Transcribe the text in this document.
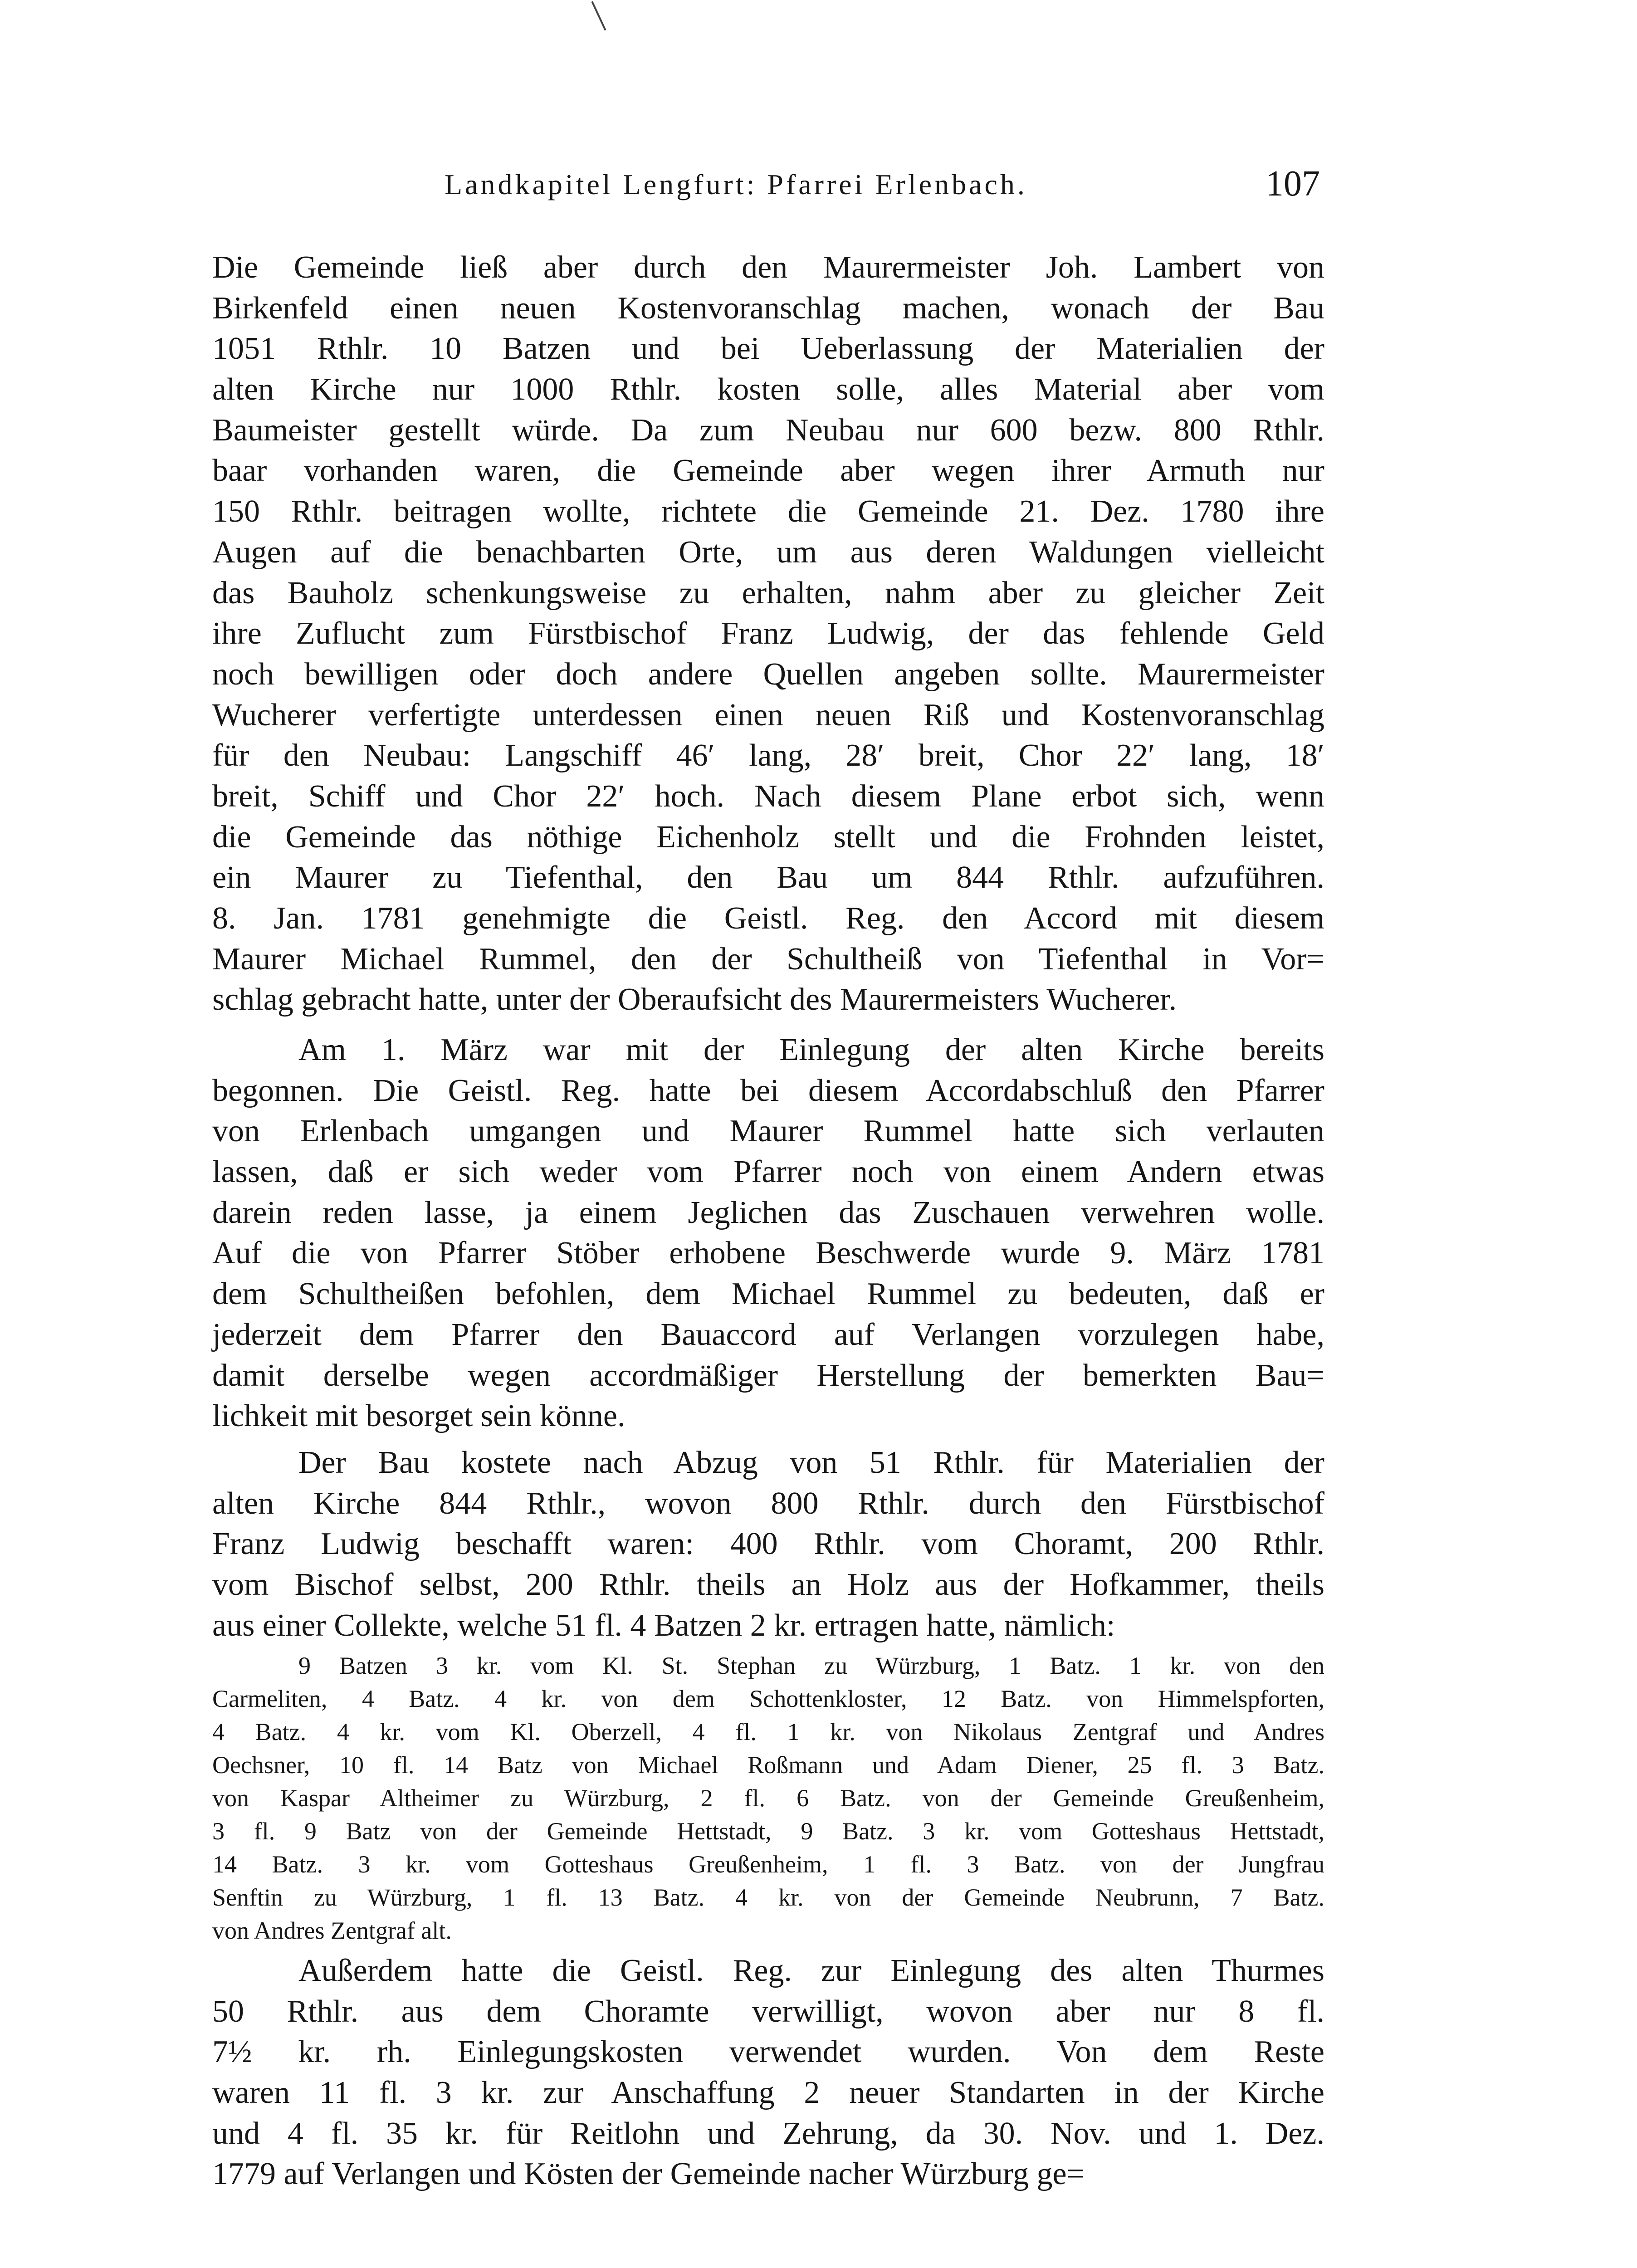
Landkapitel Lengfurt: Pfarrei Erlenbach.	107
Die Gemeinde ließ aber durch den Maurermeister Joh. Lambert von
Birkenfeld einen neuen Kostenvoranschlag machen, wonach der Bau
1051 Rthlr. 10 Batzen und bei Ueberlassung der Materialien der
alten Kirche nur 1000 Rthlr. kosten solle, alles Material aber vom
Baumeister gestellt würde. Da zum Neubau nur 600 bezw. 800 Rthlr.
baar vorhanden waren, die Gemeinde aber wegen ihrer Armuth nur
150 Rthlr. beitragen wollte, richtete die Gemeinde 21. Dez. 1780 ihre
Augen auf die benachbarten Orte, um aus deren Waldungen vielleicht
das Bauholz schenkungsweise zu erhalten, nahm aber zu gleicher Zeit
ihre Zuflucht zum Fürstbischof Franz Ludwig, der das fehlende Geld
noch bewilligen oder doch andere Quellen angeben sollte. Maurermeister
Wucherer verfertigte unterdessen einen neuen Riß und Kostenvoranschlag
für den Neubau: Langschiff 46′ lang, 28′ breit, Chor 22′ lang, 18′
breit, Schiff und Chor 22′ hoch. Nach diesem Plane erbot sich, wenn
die Gemeinde das nöthige Eichenholz stellt und die Frohnden leistet,
ein Maurer zu Tiefenthal, den Bau um 844 Rthlr. aufzuführen.
8. Jan. 1781 genehmigte die Geistl. Reg. den Accord mit diesem
Maurer Michael Rummel, den der Schultheiß von Tiefenthal in Vor=
schlag gebracht hatte, unter der Oberaufsicht des Maurermeisters Wucherer.
Am 1. März war mit der Einlegung der alten Kirche bereits
begonnen. Die Geistl. Reg. hatte bei diesem Accordabschluß den Pfarrer
von Erlenbach umgangen und Maurer Rummel hatte sich verlauten
lassen, daß er sich weder vom Pfarrer noch von einem Andern etwas
darein reden lasse, ja einem Jeglichen das Zuschauen verwehren wolle.
Auf die von Pfarrer Stöber erhobene Beschwerde wurde 9. März 1781
dem Schultheißen befohlen, dem Michael Rummel zu bedeuten, daß er
jederzeit dem Pfarrer den Bauaccord auf Verlangen vorzulegen habe,
damit derselbe wegen accordmäßiger Herstellung der bemerkten Bau=
lichkeit mit besorget sein könne.
Der Bau kostete nach Abzug von 51 Rthlr. für Materialien der
alten Kirche 844 Rthlr., wovon 800 Rthlr. durch den Fürstbischof
Franz Ludwig beschafft waren: 400 Rthlr. vom Choramt, 200 Rthlr.
vom Bischof selbst, 200 Rthlr. theils an Holz aus der Hofkammer, theils
aus einer Collekte, welche 51 fl. 4 Batzen 2 kr. ertragen hatte, nämlich:
9 Batzen 3 kr. vom Kl. St. Stephan zu Würzburg, 1 Batz. 1 kr. von den
Carmeliten, 4 Batz. 4 kr. von dem Schottenkloster, 12 Batz. von Himmelspforten,
4 Batz. 4 kr. vom Kl. Oberzell, 4 fl. 1 kr. von Nikolaus Zentgraf und Andres
Oechsner, 10 fl. 14 Batz von Michael Roßmann und Adam Diener, 25 fl. 3 Batz.
von Kaspar Altheimer zu Würzburg, 2 fl. 6 Batz. von der Gemeinde Greußenheim,
3 fl. 9 Batz von der Gemeinde Hettstadt, 9 Batz. 3 kr. vom Gotteshaus Hettstadt,
14 Batz. 3 kr. vom Gotteshaus Greußenheim, 1 fl. 3 Batz. von der Jungfrau
Senftin zu Würzburg, 1 fl. 13 Batz. 4 kr. von der Gemeinde Neubrunn, 7 Batz.
von Andres Zentgraf alt.
Außerdem hatte die Geistl. Reg. zur Einlegung des alten Thurmes
50 Rthlr. aus dem Choramte verwilligt, wovon aber nur 8 fl.
7½ kr. rh. Einlegungskosten verwendet wurden. Von dem Reste
waren 11 fl. 3 kr. zur Anschaffung 2 neuer Standarten in der Kirche
und 4 fl. 35 kr. für Reitlohn und Zehrung, da 30. Nov. und 1. Dez.
1779 auf Verlangen und Kösten der Gemeinde nacher Würzburg ge=
